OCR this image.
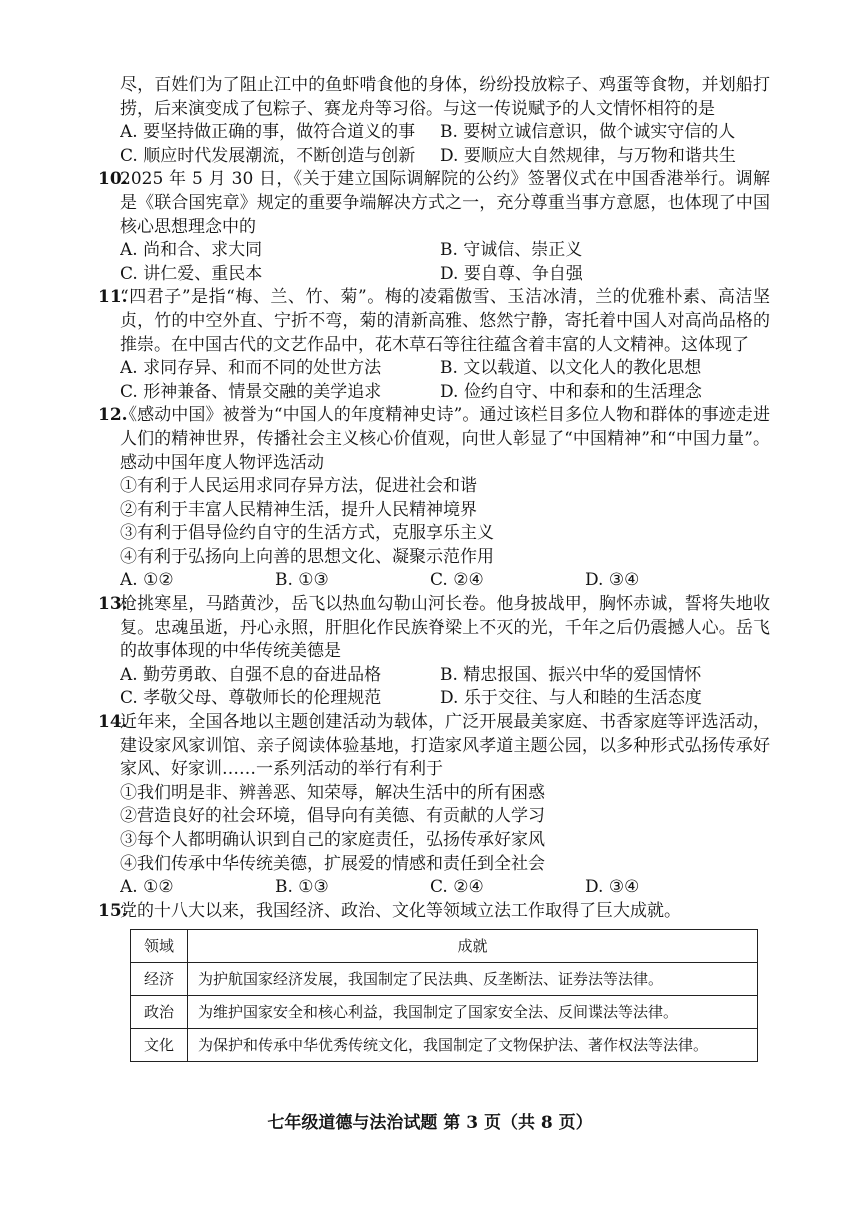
尽，百姓们为了阻止江中的鱼虾啃食他的身体，纷纷投放粽子、鸡蛋等食物，并划船打捞，后来演变成了包粽子、赛龙舟等习俗。与这一传说赋予的人文情怀相符的是

A. 要坚持做正确的事，做符合道义的事	B. 要树立诚信意识，做个诚实守信的人
C. 顺应时代发展潮流，不断创造与创新	D. 要顺应大自然规律，与万物和谐共生
10.

2025 年 5 月 30 日，《关于建立国际调解院的公约》签署仪式在中国香港举行。调解是《联合国宪章》规定的重要争端解决方式之一，充分尊重当事方意愿，也体现了中国核心思想理念中的

A. 尚和合、求大同	B. 守诚信、崇正义
C. 讲仁爱、重民本	D. 要自尊、争自强
11.

“四君子”是指“梅、兰、竹、菊”。梅的凌霜傲雪、玉洁冰清，兰的优雅朴素、高洁坚贞，竹的中空外直、宁折不弯，菊的清新高雅、悠然宁静，寄托着中国人对高尚品格的推崇。在中国古代的文艺作品中，花木草石等往往蕴含着丰富的人文精神。这体现了

A. 求同存异、和而不同的处世方法	B. 文以载道、以文化人的教化思想
C. 形神兼备、情景交融的美学追求	D. 俭约自守、中和泰和的生活理念
12.

《感动中国》被誉为“中国人的年度精神史诗”。通过该栏目多位人物和群体的事迹走进人们的精神世界，传播社会主义核心价值观，向世人彰显了“中国精神”和“中国力量”。感动中国年度人物评选活动

①有利于人民运用求同存异方法，促进社会和谐
②有利于丰富人民精神生活，提升人民精神境界
③有利于倡导俭约自守的生活方式，克服享乐主义
④有利于弘扬向上向善的思想文化、凝聚示范作用
A. ①②	B. ①③	C. ②④	D. ③④
13.

枪挑寒星，马踏黄沙，岳飞以热血勾勒山河长卷。他身披战甲，胸怀赤诚，誓将失地收复。忠魂虽逝，丹心永照，肝胆化作民族脊梁上不灭的光，千年之后仍震撼人心。岳飞的故事体现的中华传统美德是

A. 勤劳勇敢、自强不息的奋进品格	B. 精忠报国、振兴中华的爱国情怀
C. 孝敬父母、尊敬师长的伦理规范	D. 乐于交往、与人和睦的生活态度
14.

近年来，全国各地以主题创建活动为载体，广泛开展最美家庭、书香家庭等评选活动，建设家风家训馆、亲子阅读体验基地，打造家风孝道主题公园，以多种形式弘扬传承好家风、好家训……一系列活动的举行有利于

①我们明是非、辨善恶、知荣辱，解决生活中的所有困惑
②营造良好的社会环境，倡导向有美德、有贡献的人学习
③每个人都明确认识到自己的家庭责任，弘扬传承好家风
④我们传承中华传统美德，扩展爱的情感和责任到全社会
A. ①②	B. ①③	C. ②④	D. ③④
15.

党的十八大以来，我国经济、政治、文化等领域立法工作取得了巨大成就。

领域	成就
经济	为护航国家经济发展，我国制定了民法典、反垄断法、证券法等法律。
政治	为维护国家安全和核心利益，我国制定了国家安全法、反间谍法等法律。
文化	为保护和传承中华优秀传统文化，我国制定了文物保护法、著作权法等法律。
七年级道德与法治试题 第 3 页（共 8 页）
